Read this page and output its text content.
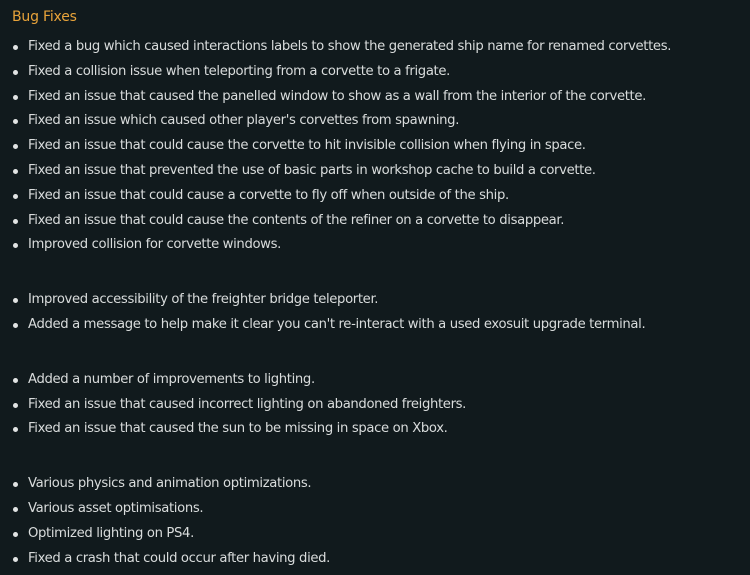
Bug Fixes
Fixed a bug which caused interactions labels to show the generated ship name for renamed corvettes.
Fixed a collision issue when teleporting from a corvette to a frigate.
Fixed an issue that caused the panelled window to show as a wall from the interior of the corvette.
Fixed an issue which caused other player's corvettes from spawning.
Fixed an issue that could cause the corvette to hit invisible collision when flying in space.
Fixed an issue that prevented the use of basic parts in workshop cache to build a corvette.
Fixed an issue that could cause a corvette to fly off when outside of the ship.
Fixed an issue that could cause the contents of the refiner on a corvette to disappear.
Improved collision for corvette windows.
Improved accessibility of the freighter bridge teleporter.
Added a message to help make it clear you can't re-interact with a used exosuit upgrade terminal.
Added a number of improvements to lighting.
Fixed an issue that caused incorrect lighting on abandoned freighters.
Fixed an issue that caused the sun to be missing in space on Xbox.
Various physics and animation optimizations.
Various asset optimisations.
Optimized lighting on PS4.
Fixed a crash that could occur after having died.
